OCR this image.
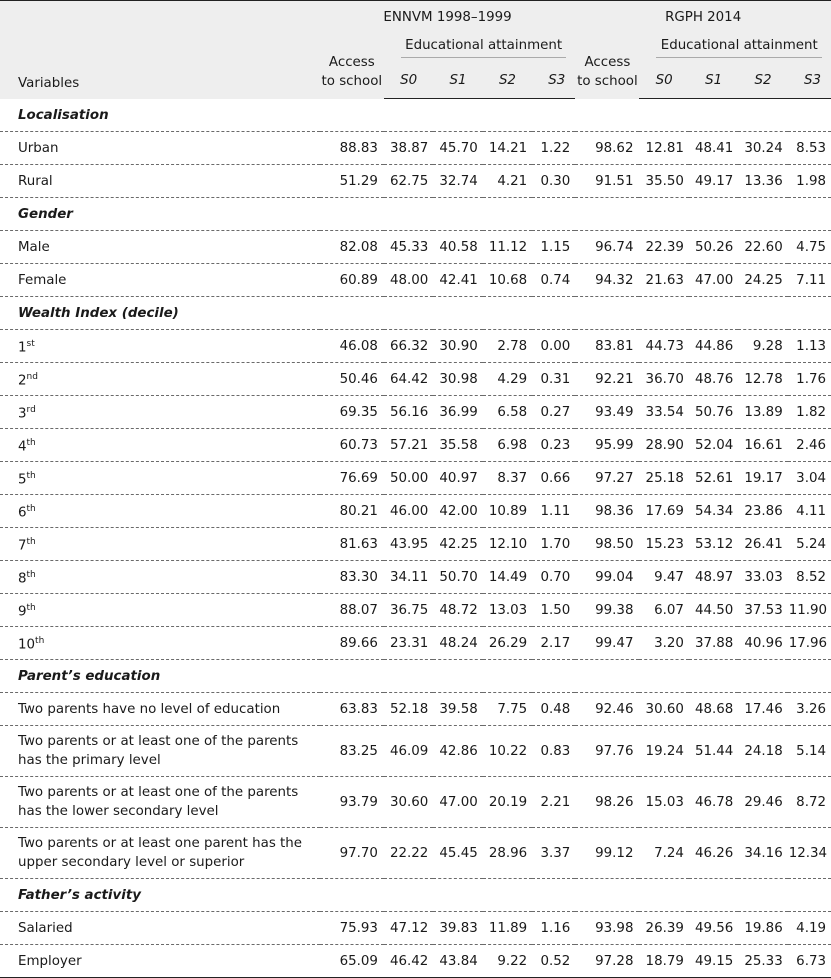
	ENNVM 1998–1999					RGPH 2014				
Variables	Access to school	Educational attainment				Access to school	Educational attainment			

		S0	S1	S2	S3		S0	S1	S2	S3
Localisation										
Urban	88.83	38.87	45.70	14.21	1.22	98.62	12.81	48.41	30.24	8.53
Rural	51.29	62.75	32.74	4.21	0.30	91.51	35.50	49.17	13.36	1.98
Gender										
Male	82.08	45.33	40.58	11.12	1.15	96.74	22.39	50.26	22.60	4.75
Female	60.89	48.00	42.41	10.68	0.74	94.32	21.63	47.00	24.25	7.11
Wealth Index (decile)										
1st	46.08	66.32	30.90	2.78	0.00	83.81	44.73	44.86	9.28	1.13
2nd	50.46	64.42	30.98	4.29	0.31	92.21	36.70	48.76	12.78	1.76
3rd	69.35	56.16	36.99	6.58	0.27	93.49	33.54	50.76	13.89	1.82
4th	60.73	57.21	35.58	6.98	0.23	95.99	28.90	52.04	16.61	2.46
5th	76.69	50.00	40.97	8.37	0.66	97.27	25.18	52.61	19.17	3.04
6th	80.21	46.00	42.00	10.89	1.11	98.36	17.69	54.34	23.86	4.11
7th	81.63	43.95	42.25	12.10	1.70	98.50	15.23	53.12	26.41	5.24
8th	83.30	34.11	50.70	14.49	0.70	99.04	9.47	48.97	33.03	8.52
9th	88.07	36.75	48.72	13.03	1.50	99.38	6.07	44.50	37.53	11.90
10th	89.66	23.31	48.24	26.29	2.17	99.47	3.20	37.88	40.96	17.96
Parent’s education										
Two parents have no level of education	63.83	52.18	39.58	7.75	0.48	92.46	30.60	48.68	17.46	3.26
Two parents or at least one of the parents has the primary level	83.25	46.09	42.86	10.22	0.83	97.76	19.24	51.44	24.18	5.14
Two parents or at least one of the parents has the lower secondary level	93.79	30.60	47.00	20.19	2.21	98.26	15.03	46.78	29.46	8.72
Two parents or at least one parent has the upper secondary level or superior	97.70	22.22	45.45	28.96	3.37	99.12	7.24	46.26	34.16	12.34
Father’s activity										
Salaried	75.93	47.12	39.83	11.89	1.16	93.98	26.39	49.56	19.86	4.19
Employer	65.09	46.42	43.84	9.22	0.52	97.28	18.79	49.15	25.33	6.73
